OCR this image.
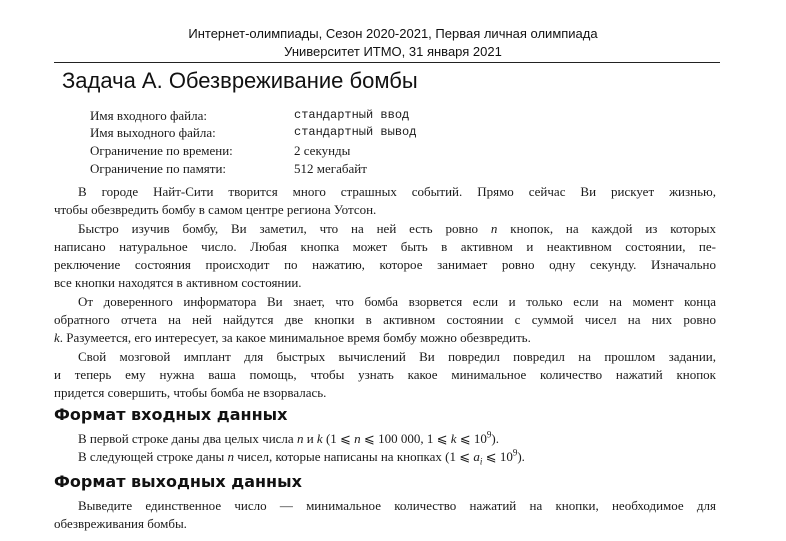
Интернет-олимпиады, Сезон 2020-2021, Первая личная олимпиада
Университет ИТМО, 31 января 2021
Задача A. Обезвреживание бомбы
Имя входного файла:	стандартный ввод
Имя выходного файла:	стандартный вывод
Ограничение по времени:	2 секунды
Ограничение по памяти:	512 мегабайт
В городе Найт-Сити творится много страшных событий. Прямо сейчас Ви рискует жизнью,
чтобы обезвредить бомбу в самом центре региона Уотсон.
Быстро изучив бомбу, Ви заметил, что на ней есть ровно n кнопок, на каждой из которых
написано натуральное число. Любая кнопка может быть в активном и неактивном состоянии, пе-
реключение состояния происходит по нажатию, которое занимает ровно одну секунду. Изначально
все кнопки находятся в активном состоянии.
От доверенного информатора Ви знает, что бомба взорвется если и только если на момент конца
обратного отчета на ней найдутся две кнопки в активном состоянии с суммой чисел на них ровно
k. Разумеется, его интересует, за какое минимальное время бомбу можно обезвредить.
Свой мозговой имплант для быстрых вычислений Ви повредил повредил на прошлом задании,
и теперь ему нужна ваша помощь, чтобы узнать какое минимальное количество нажатий кнопок
придется совершить, чтобы бомба не взорвалась.
Формат входных данных
В первой строке даны два целых числа n и k (1 ⩽ n ⩽ 100 000, 1 ⩽ k ⩽ $10^9$).
В следующей строке даны n чисел, которые написаны на кнопках (1 ⩽ $a_i$ ⩽ $10^9$).
Формат выходных данных
Выведите единственное число — минимальное количество нажатий на кнопки, необходимое для
обезвреживания бомбы.
